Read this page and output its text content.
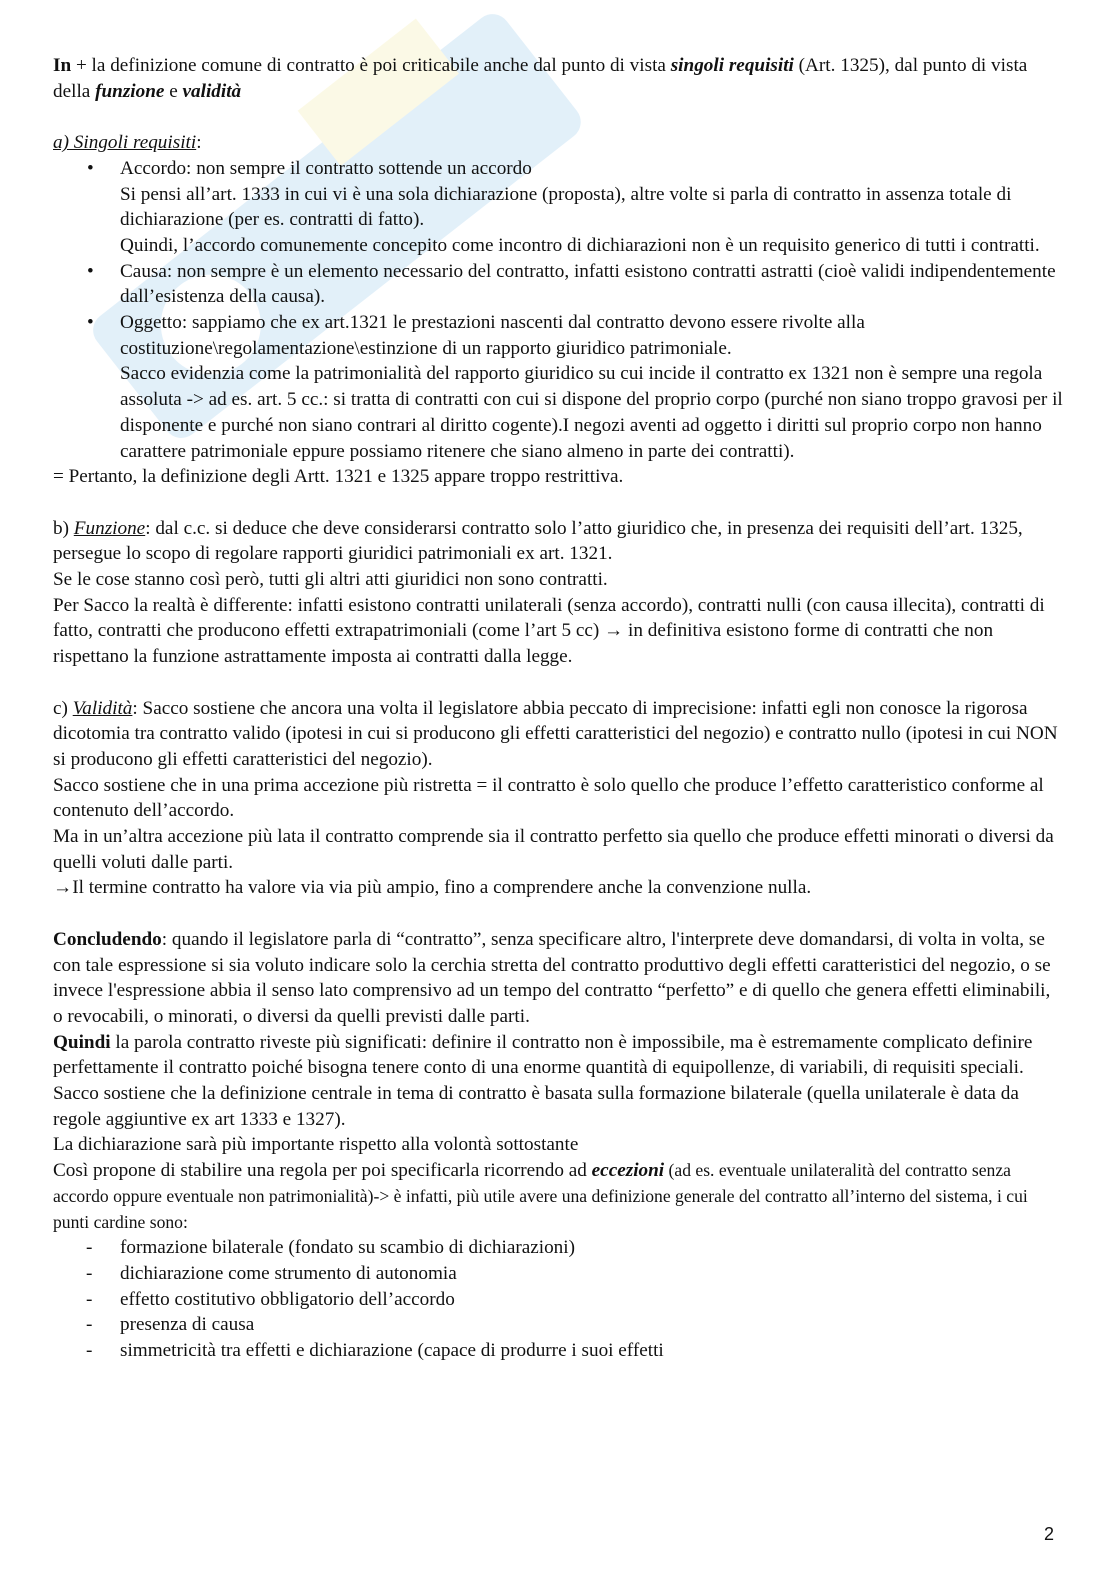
In + la definizione comune di contratto è poi criticabile anche dal punto di vista singoli requisiti (Art. 1325), dal punto di vista della funzione e validità

a) Singoli requisiti:

• Accordo: non sempre il contratto sottende un accordo
Si pensi all’art. 1333 in cui vi è una sola dichiarazione (proposta), altre volte si parla di contratto in assenza totale di dichiarazione (per es. contratti di fatto).
Quindi, l’accordo comunemente concepito come incontro di dichiarazioni non è un requisito generico di tutti i contratti.
• Causa: non sempre è un elemento necessario del contratto, infatti esistono contratti astratti (cioè validi indipendentemente dall’esistenza della causa).
• Oggetto: sappiamo che ex art.1321 le prestazioni nascenti dal contratto devono essere rivolte alla costituzione\regolamentazione\estinzione di un rapporto giuridico patrimoniale.
Sacco evidenzia come la patrimonialità del rapporto giuridico su cui incide il contratto ex 1321 non è sempre una regola assoluta -> ad es. art. 5 cc.: si tratta di contratti con cui si dispone del proprio corpo (purché non siano troppo gravosi per il disponente e purché non siano contrari al diritto cogente).I negozi aventi ad oggetto i diritti sul proprio corpo non hanno carattere patrimoniale eppure possiamo ritenere che siano almeno in parte dei contratti).

= Pertanto, la definizione degli Artt. 1321 e 1325 appare troppo restrittiva.

b) Funzione: dal c.c. si deduce che deve considerarsi contratto solo l’atto giuridico che, in presenza dei requisiti dell’art. 1325, persegue lo scopo di regolare rapporti giuridici patrimoniali ex art. 1321.

Se le cose stanno così però, tutti gli altri atti giuridici non sono contratti.

Per Sacco la realtà è differente: infatti esistono contratti unilaterali (senza accordo), contratti nulli (con causa illecita), contratti di fatto, contratti che producono effetti extrapatrimoniali (come l’art 5 cc) → in definitiva esistono forme di contratti che non rispettano la funzione astrattamente imposta ai contratti dalla legge.

c) Validità: Sacco sostiene che ancora una volta il legislatore abbia peccato di imprecisione: infatti egli non conosce la rigorosa dicotomia tra contratto valido (ipotesi in cui si producono gli effetti caratteristici del negozio) e contratto nullo (ipotesi in cui NON si producono gli effetti caratteristici del negozio).

Sacco sostiene che in una prima accezione più ristretta = il contratto è solo quello che produce l’effetto caratteristico conforme al contenuto dell’accordo.

Ma in un’altra accezione più lata il contratto comprende sia il contratto perfetto sia quello che produce effetti minorati o diversi da quelli voluti dalle parti.

→Il termine contratto ha valore via via più ampio, fino a comprendere anche la convenzione nulla.

Concludendo: quando il legislatore parla di “contratto”, senza specificare altro, l'interprete deve domandarsi, di volta in volta, se con tale espressione si sia voluto indicare solo la cerchia stretta del contratto produttivo degli effetti caratteristici del negozio, o se invece l'espressione abbia il senso lato comprensivo ad un tempo del contratto “perfetto” e di quello che genera effetti eliminabili, o revocabili, o minorati, o diversi da quelli previsti dalle parti.

Quindi la parola contratto riveste più significati: definire il contratto non è impossibile, ma è estremamente complicato definire perfettamente il contratto poiché bisogna tenere conto di una enorme quantità di equipollenze, di variabili, di requisiti speciali.

Sacco sostiene che la definizione centrale in tema di contratto è basata sulla formazione bilaterale (quella unilaterale è data da regole aggiuntive ex art 1333 e 1327).

La dichiarazione sarà più importante rispetto alla volontà sottostante

Così propone di stabilire una regola per poi specificarla ricorrendo ad eccezioni (ad es. eventuale unilateralità del contratto senza accordo oppure eventuale non patrimonialità)-> è infatti, più utile avere una definizione generale del contratto all’interno del sistema, i cui punti cardine sono:

- formazione bilaterale (fondato su scambio di dichiarazioni)
- dichiarazione come strumento di autonomia
- effetto costitutivo obbligatorio dell’accordo
- presenza di causa
- simmetricità tra effetti e dichiarazione (capace di produrre i suoi effetti
2
